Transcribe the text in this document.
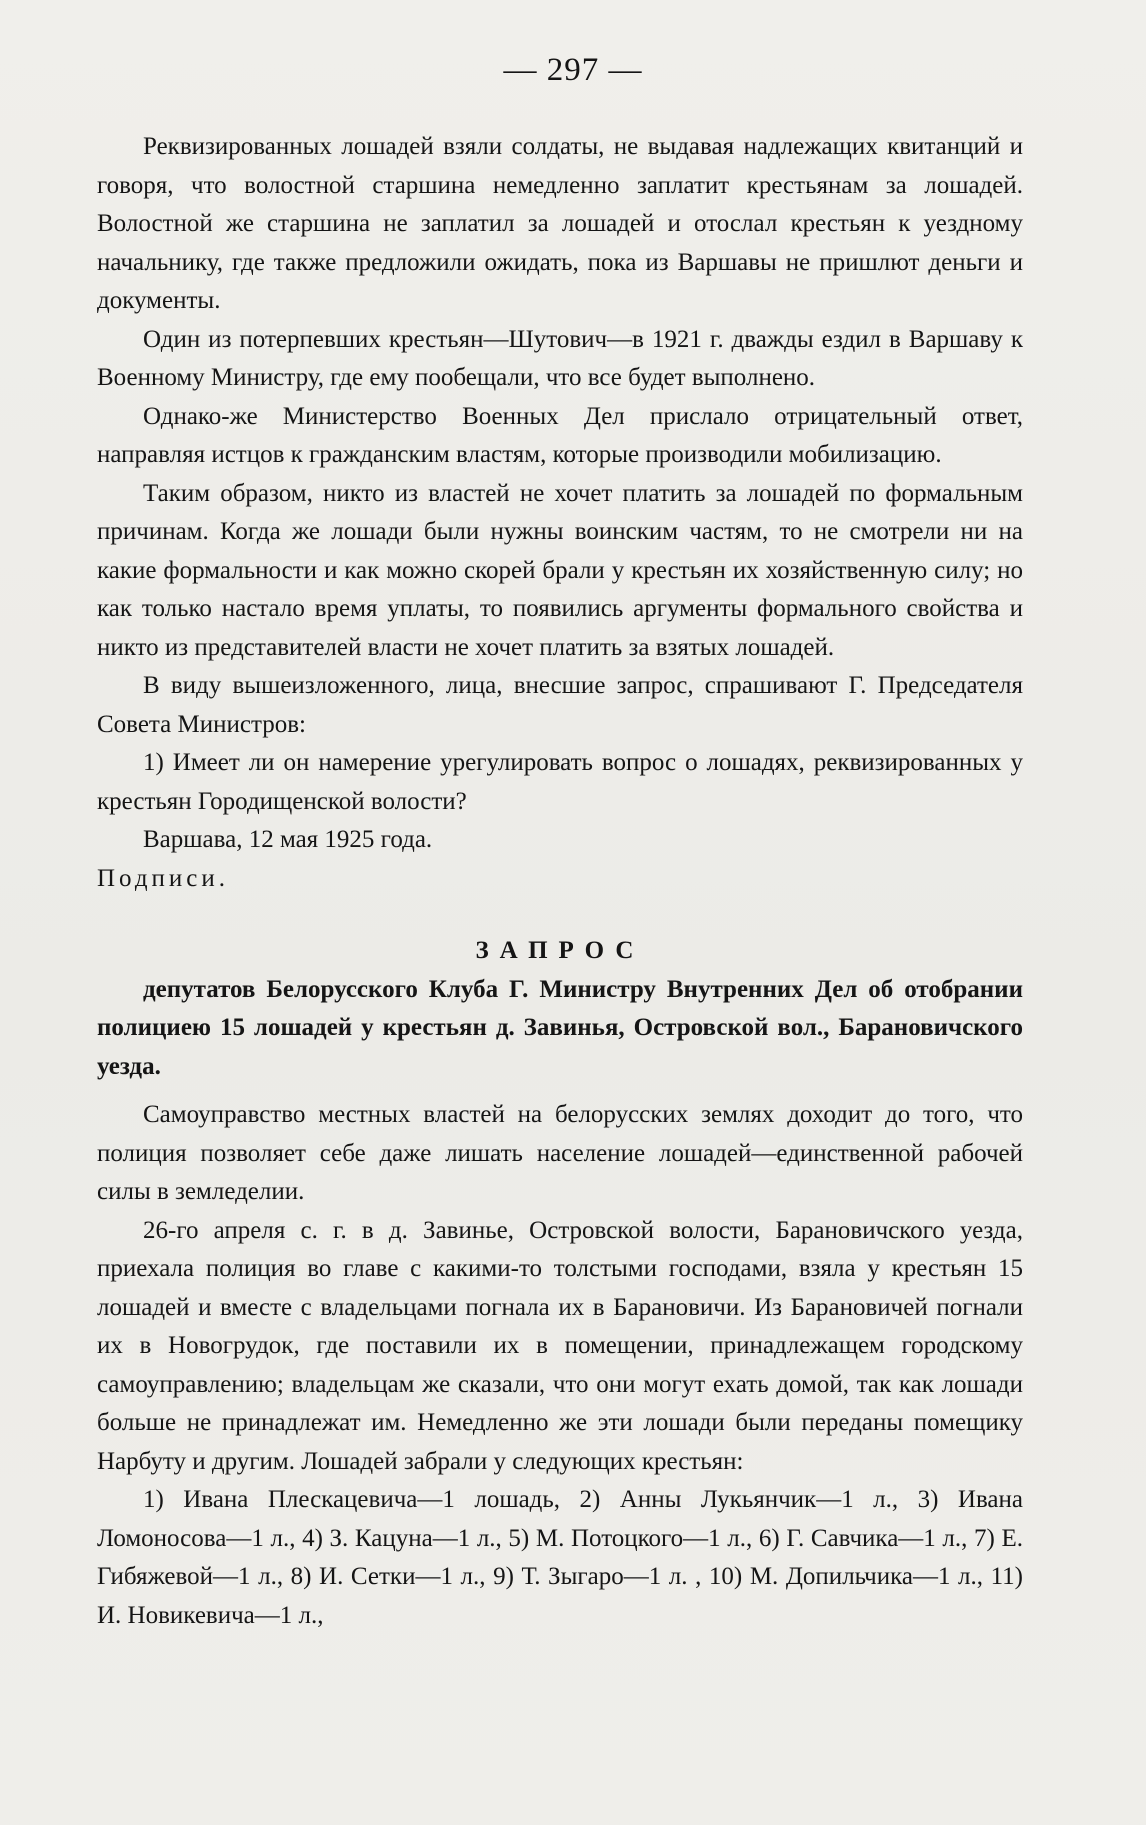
— 297 —

Реквизированных лошадей взяли солдаты, не выдавая надлежащих квитанций и говоря, что волостной старшина немедленно заплатит крестьянам за лошадей. Волостной же старшина не заплатил за лошадей и отослал крестьян к уездному начальнику, где также предложили ожидать, пока из Варшавы не пришлют деньги и документы.

Один из потерпевших крестьян—Шутович—в 1921 г. дважды ездил в Варшаву к Военному Министру, где ему пообещали, что все будет выполнено.

Однако-же Министерство Военных Дел прислало отрицательный ответ, направляя истцов к гражданским властям, которые производили мобилизацию.

Таким образом, никто из властей не хочет платить за лошадей по формальным причинам. Когда же лошади были нужны воинским частям, то не смотрели ни на какие формальности и как можно скорей брали у крестьян их хозяйственную силу; но как только настало время уплаты, то появились аргументы формального свойства и никто из представителей власти не хочет платить за взятых лошадей.

В виду вышеизложенного, лица, внесшие запрос, спрашивают Г. Председателя Совета Министров:

1) Имеет ли он намерение урегулировать вопрос о лошадях, реквизированных у крестьян Городищенской волости?

Варшава, 12 мая 1925 года.

Подписи.

ЗАПРОС

депутатов Белорусского Клуба Г. Министру Внутренних Дел об отобрании полициею 15 лошадей у крестьян д. Завинья, Островской вол., Барановичского уезда.

Самоуправство местных властей на белорусских землях доходит до того, что полиция позволяет себе даже лишать население лошадей—единственной рабочей силы в земледелии.

26-го апреля с. г. в д. Завинье, Островской волости, Барановичского уезда, приехала полиция во главе с какими-то толстыми господами, взяла у крестьян 15 лошадей и вместе с владельцами погнала их в Барановичи. Из Барановичей погнали их в Новогрудок, где поставили их в помещении, принадлежащем городскому самоуправлению; владельцам же сказали, что они могут ехать домой, так как лошади больше не принадлежат им. Немедленно же эти лошади были переданы помещику Нарбуту и другим. Лошадей забрали у следующих крестьян:

1) Ивана Плескацевича—1 лошадь, 2) Анны Лукьянчик—1 л., 3) Ивана Ломоносова—1 л., 4) З. Кацуна—1 л., 5) М. Потоцкого—1 л., 6) Г. Савчика—1 л., 7) Е. Гибяжевой—1 л., 8) И. Сетки—1 л., 9) Т. Зыгаро—1 л. , 10) М. Допильчика—1 л., 11) И. Новикевича—1 л.,
